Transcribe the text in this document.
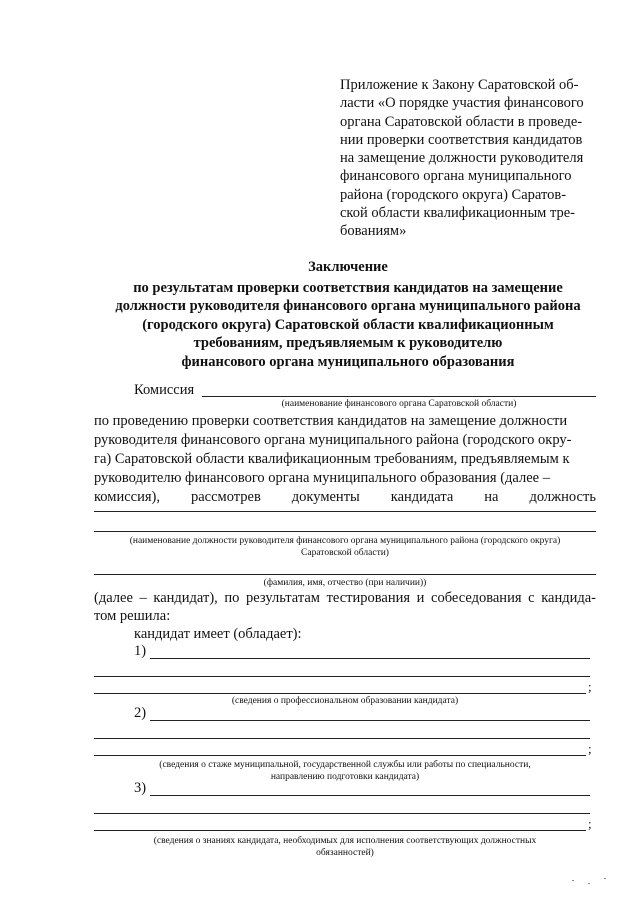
Приложение к Закону Саратовской об-
ласти «О порядке участия финансового
органа Саратовской области в проведе-
нии проверки соответствия кандидатов
на замещение должности руководителя
финансового органа муниципального
района (городского округа) Саратов-
ской области квалификационным тре-
бованиям»
Заключение
по результатам проверки соответствия кандидатов на замещение
должности руководителя финансового органа муниципального района
(городского округа) Саратовской области квалификационным
требованиям, предъявляемым к руководителю
финансового органа муниципального образования
Комиссия
(наименование финансового органа Саратовской области)
по проведению проверки соответствия кандидатов на замещение должности
руководителя финансового органа муниципального района (городского окру-
га) Саратовской области квалификационным требованиям, предъявляемым к
руководителю финансового органа муниципального образования (далее –
комиссия), рассмотрев документы кандидата на должность
(наименование должности руководителя финансового органа муниципального района (городского округа)
Саратовской области)
(фамилия, имя, отчество (при наличии))
(далее – кандидат), по результатам тестирования и собеседования с кандида-
том решила:
кандидат имеет (обладает):
1)
;
(сведения о профессиональном образовании кандидата)
2)
;
(сведения о стаже муниципальной, государственной службы или работы по специальности,
направлению подготовки кандидата)
3)
;
(сведения о знаниях кандидата, необходимых для исполнения соответствующих должностных
обязанностей)
